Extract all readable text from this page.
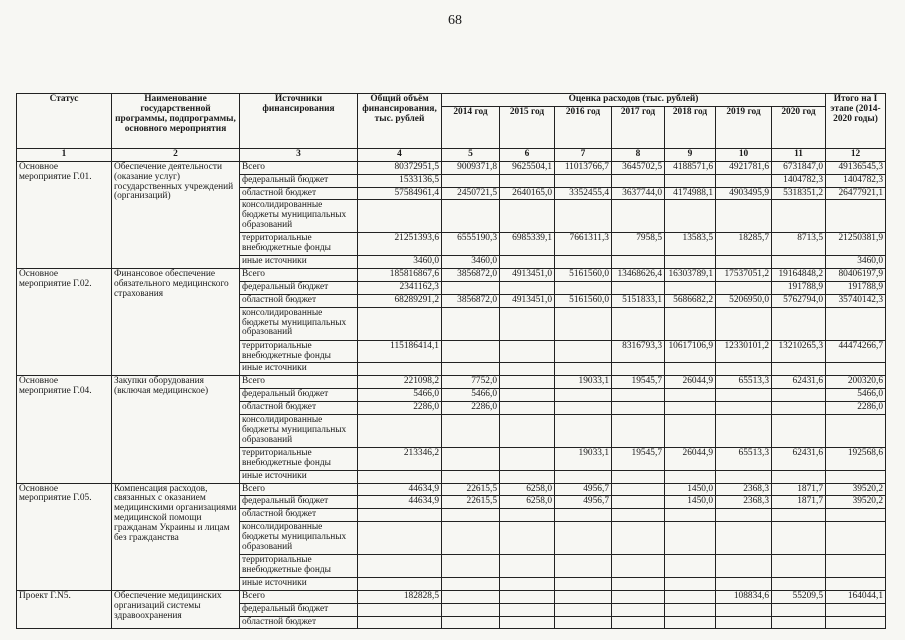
68
Статус	Наименование государственной программы, подпрограммы, основного мероприятия	Источники финансирования	Общий объём финансирования, тыс. рублей	Оценка расходов (тыс. рублей)							Итого на I этапе (2014-2020 годы)
				2014 год	2015 год	2016 год	2017 год	2018 год	2019 год	2020 год	
1	2	3	4	5	6	7	8	9	10	11	12
Основное мероприятие Г.01.	Обеспечение деятельности (оказание услуг) государственных учреждений (организаций)	Всего	80372951,5	9009371,8	9625504,1	11013766,7	3645702,5	4188571,6	4921781,6	6731847,0	49136545,3
		федеральный бюджет	1533136,5							1404782,3	1404782,3
		областной бюджет	57584961,4	2450721,5	2640165,0	3352455,4	3637744,0	4174988,1	4903495,9	5318351,2	26477921,1
		консолидированные бюджеты муниципальных образований									
		территориальные внебюджетные фонды	21251393,6	6555190,3	6985339,1	7661311,3	7958,5	13583,5	18285,7	8713,5	21250381,9
		иные источники	3460,0	3460,0							3460,0
Основное мероприятие Г.02.	Финансовое обеспечение обязательного медицинского страхования	Всего	185816867,6	3856872,0	4913451,0	5161560,0	13468626,4	16303789,1	17537051,2	19164848,2	80406197,9
		федеральный бюджет	2341162,3							191788,9	191788,9
		областной бюджет	68289291,2	3856872,0	4913451,0	5161560,0	5151833,1	5686682,2	5206950,0	5762794,0	35740142,3
		консолидированные бюджеты муниципальных образований									
		территориальные внебюджетные фонды	115186414,1				8316793,3	10617106,9	12330101,2	13210265,3	44474266,7
		иные источники									
Основное мероприятие Г.04.	Закупки оборудования (включая медицинское)	Всего	221098,2	7752,0		19033,1	19545,7	26044,9	65513,3	62431,6	200320,6
		федеральный бюджет	5466,0	5466,0							5466,0
		областной бюджет	2286,0	2286,0							2286,0
		консолидированные бюджеты муниципальных образований									
		территориальные внебюджетные фонды	213346,2			19033,1	19545,7	26044,9	65513,3	62431,6	192568,6
		иные источники									
Основное мероприятие Г.05.	Компенсация расходов, связанных с оказанием медицинскими организациями медицинской помощи гражданам Украины и лицам без гражданства	Всего	44634,9	22615,5	6258,0	4956,7		1450,0	2368,3	1871,7	39520,2
		федеральный бюджет	44634,9	22615,5	6258,0	4956,7		1450,0	2368,3	1871,7	39520,2
		областной бюджет									
		консолидированные бюджеты муниципальных образований									
		территориальные внебюджетные фонды									
		иные источники									
Проект Г.N5.	Обеспечение медицинских организаций системы здравоохранения	Всего	182828,5						108834,6	55209,5	164044,1
		федеральный бюджет									
		областной бюджет									
